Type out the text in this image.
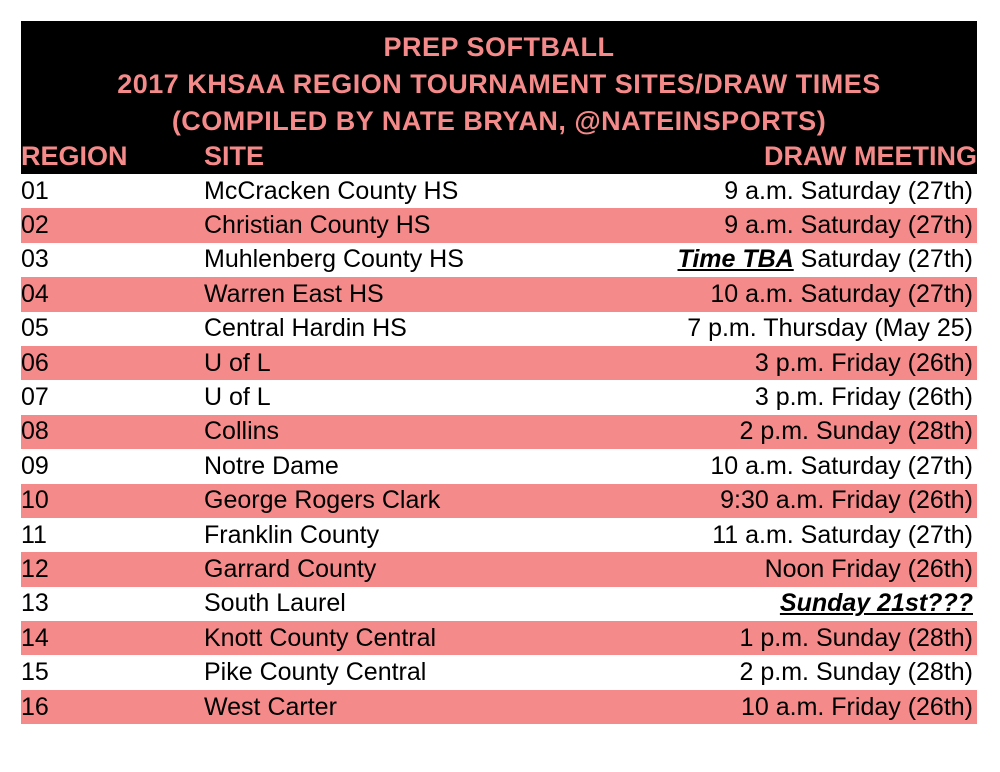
PREP SOFTBALL
2017 KHSAA REGION TOURNAMENT SITES/DRAW TIMES
(COMPILED BY NATE BRYAN, @NATEINSPORTS)
REGION	SITE	DRAW MEETING
01	McCracken County HS	9 a.m. Saturday (27th)
02	Christian County HS	9 a.m. Saturday (27th)
03	Muhlenberg County HS	Time TBA Saturday (27th)
04	Warren East HS	10 a.m. Saturday (27th)
05	Central Hardin HS	7 p.m. Thursday (May 25)
06	U of L	3 p.m. Friday (26th)
07	U of L	3 p.m. Friday (26th)
08	Collins	2 p.m. Sunday (28th)
09	Notre Dame	10 a.m. Saturday (27th)
10	George Rogers Clark	9:30 a.m. Friday (26th)
11	Franklin County	11 a.m. Saturday (27th)
12	Garrard County	Noon Friday (26th)
13	South Laurel	Sunday 21st???
14	Knott County Central	1 p.m. Sunday (28th)
15	Pike County Central	2 p.m. Sunday (28th)
16	West Carter	10 a.m. Friday (26th)
